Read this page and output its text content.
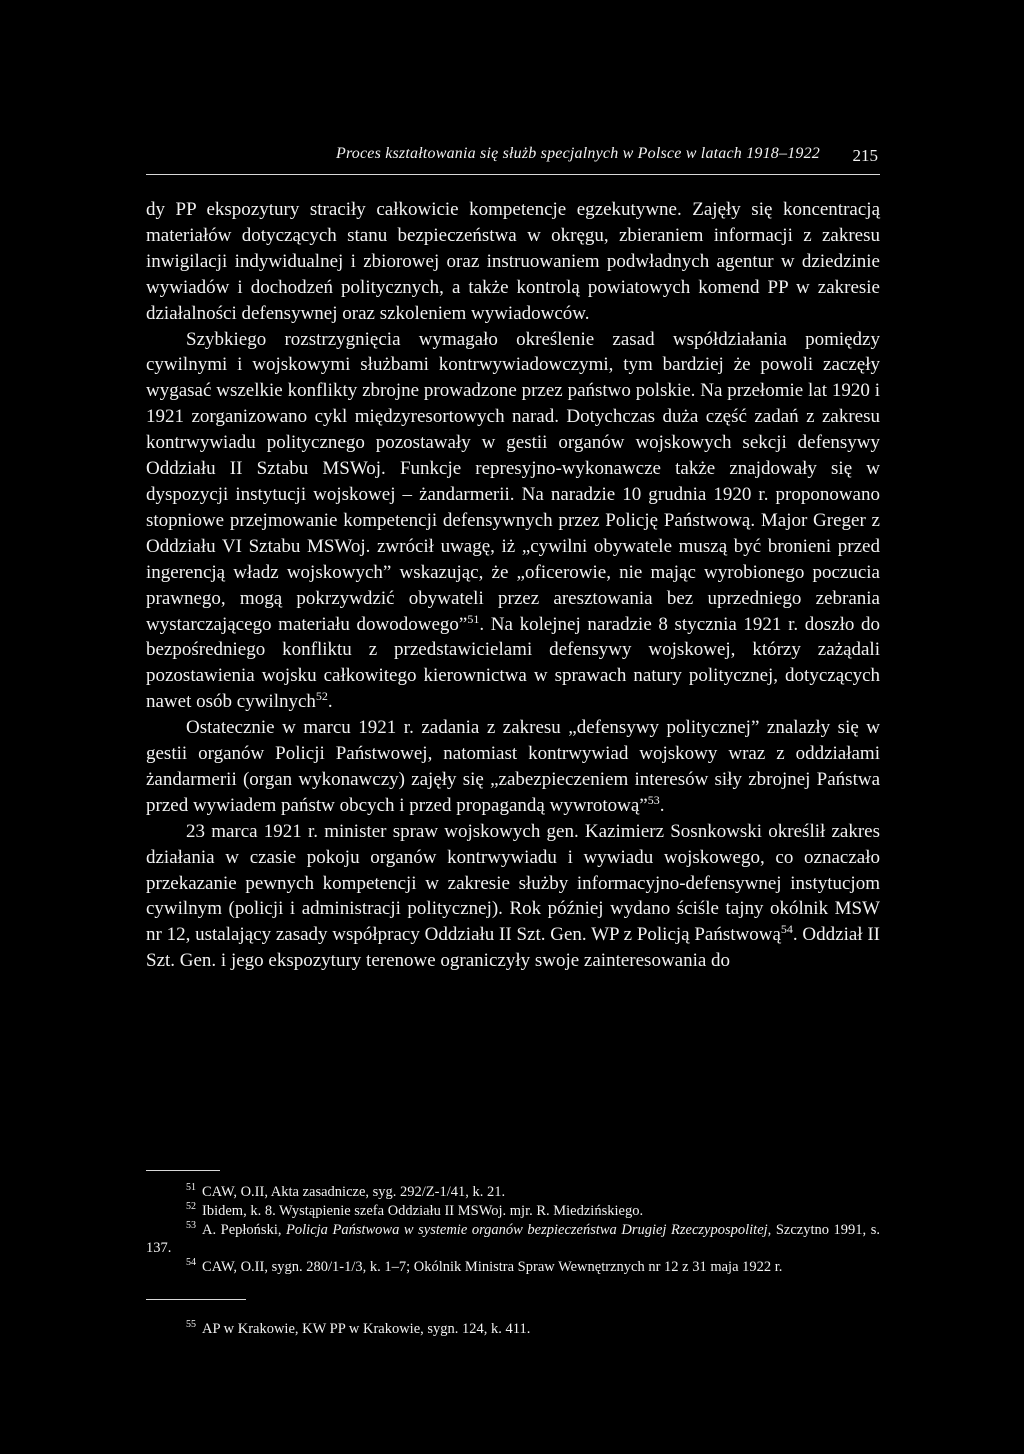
Proces kształtowania się służb specjalnych w Polsce w latach 1918–1922 215

dy PP ekspozytury straciły całkowicie kompetencje egzekutywne. Zajęły się koncentracją materiałów dotyczących stanu bezpieczeństwa w okręgu, zbieraniem informacji z zakresu inwigilacji indywidualnej i zbiorowej oraz instruowaniem podwładnych agentur w dziedzinie wywiadów i dochodzeń politycznych, a także kontrolą powiatowych komend PP w zakresie działalności defensywnej oraz szkoleniem wywiadowców.

Szybkiego rozstrzygnięcia wymagało określenie zasad współdziałania pomiędzy cywilnymi i wojskowymi służbami kontrwywiadowczymi, tym bardziej że powoli zaczęły wygasać wszelkie konflikty zbrojne prowadzone przez państwo polskie. Na przełomie lat 1920 i 1921 zorganizowano cykl międzyresortowych narad. Dotychczas duża część zadań z zakresu kontrwywiadu politycznego pozostawały w gestii organów wojskowych sekcji defensywy Oddziału II Sztabu MSWoj. Funkcje represyjno-wykonawcze także znajdowały się w dyspozycji instytucji wojskowej – żandarmerii. Na naradzie 10 grudnia 1920 r. proponowano stopniowe przejmowanie kompetencji defensywnych przez Policję Państwową. Major Greger z Oddziału VI Sztabu MSWoj. zwrócił uwagę, iż „cywilni obywatele muszą być bronieni przed ingerencją władz wojskowych” wskazując, że „oficerowie, nie mając wyrobionego poczucia prawnego, mogą pokrzywdzić obywateli przez aresztowania bez uprzedniego zebrania wystarczającego materiału dowodowego”$^{51}$. Na kolejnej naradzie 8 stycznia 1921 r. doszło do bezpośredniego konfliktu z przedstawicielami defensywy wojskowej, którzy zażądali pozostawienia wojsku całkowitego kierownictwa w sprawach natury politycznej, dotyczących nawet osób cywilnych$^{52}$.

Ostatecznie w marcu 1921 r. zadania z zakresu „defensywy politycznej” znalazły się w gestii organów Policji Państwowej, natomiast kontrwywiad wojskowy wraz z oddziałami żandarmerii (organ wykonawczy) zajęły się „zabezpieczeniem interesów siły zbrojnej Państwa przed wywiadem państw obcych i przed propagandą wywrotową”$^{53}$.

23 marca 1921 r. minister spraw wojskowych gen. Kazimierz Sosnkowski określił zakres działania w czasie pokoju organów kontrwywiadu i wywiadu wojskowego, co oznaczało przekazanie pewnych kompetencji w zakresie służby informacyjno-defensywnej instytucjom cywilnym (policji i administracji politycznej). Rok później wydano ściśle tajny okólnik MSW nr 12, ustalający zasady współpracy Oddziału II Szt. Gen. WP z Policją Państwową$^{54}$. Oddział II Szt. Gen. i jego ekspozytury terenowe ograniczyły swoje zainteresowania do

$^{51}$ CAW, O.II, Akta zasadnicze, syg. 292/Z-1/41, k. 21.

$^{52}$ Ibidem, k. 8. Wystąpienie szefa Oddziału II MSWoj. mjr. R. Miedzińskiego.

$^{53}$ A. Pepłoński, Policja Państwowa w systemie organów bezpieczeństwa Drugiej Rzeczypospolitej, Szczytno 1991, s. 137.

$^{54}$ CAW, O.II, sygn. 280/1-1/3, k. 1–7; Okólnik Ministra Spraw Wewnętrznych nr 12 z 31 maja 1922 r.

$^{55}$ AP w Krakowie, KW PP w Krakowie, sygn. 124, k. 411.
